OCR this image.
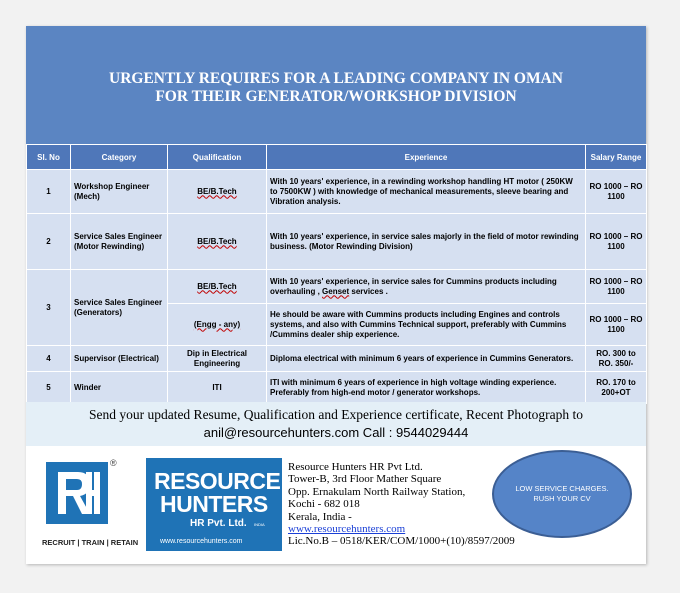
URGENTLY REQUIRES FOR A LEADING COMPANY IN OMAN
FOR THEIR GENERATOR/WORKSHOP DIVISION
Sl. No	Category	Qualification	Experience	Salary Range
1	Workshop Engineer (Mech)	BE/B.Tech	With 10 years' experience, in a rewinding workshop handling HT motor ( 250KW to 7500KW ) with knowledge of mechanical measurements, sleeve bearing and Vibration analysis.	RO 1000 – RO 1100
2	Service Sales Engineer (Motor Rewinding)	BE/B.Tech	With 10 years' experience, in service sales majorly in the field of motor rewinding business. (Motor Rewinding Division)	RO 1000 – RO 1100
3	Service Sales Engineer (Generators)	BE/B.Tech	With 10 years' experience, in service sales for Cummins products including overhauling , Genset services .	RO 1000 – RO 1100
		(Engg - any)	He should be aware with Cummins products including Engines and controls systems, and also with Cummins Technical support, preferably with Cummins /Cummins dealer ship experience.	RO 1000 – RO 1100
4	Supervisor (Electrical)	Dip in Electrical Engineering	Diploma electrical with minimum 6 years of experience in Cummins Generators.	RO. 300 to RO. 350/-
5	Winder	ITI	ITI with minimum 6 years of experience in high voltage winding experience. Preferably from high-end motor / generator workshops.	RO. 170 to 200+OT
Send your updated Resume, Qualification and Experience certificate, Recent Photograph to
anil@resourcehunters.com Call : 9544029444
®
RECRUIT | TRAIN | RETAIN
RESOURCE
HUNTERS
HR Pvt. Ltd. INDIA
www.resourcehunters.com
Resource Hunters HR Pvt Ltd.
Tower-B, 3rd Floor Mather Square
Opp. Ernakulam North Railway Station,
Kochi - 682 018
Kerala, India -
www.resourcehunters.com
Lic.No.B – 0518/KER/COM/1000+(10)/8597/2009
LOW SERVICE CHARGES. RUSH YOUR CV
